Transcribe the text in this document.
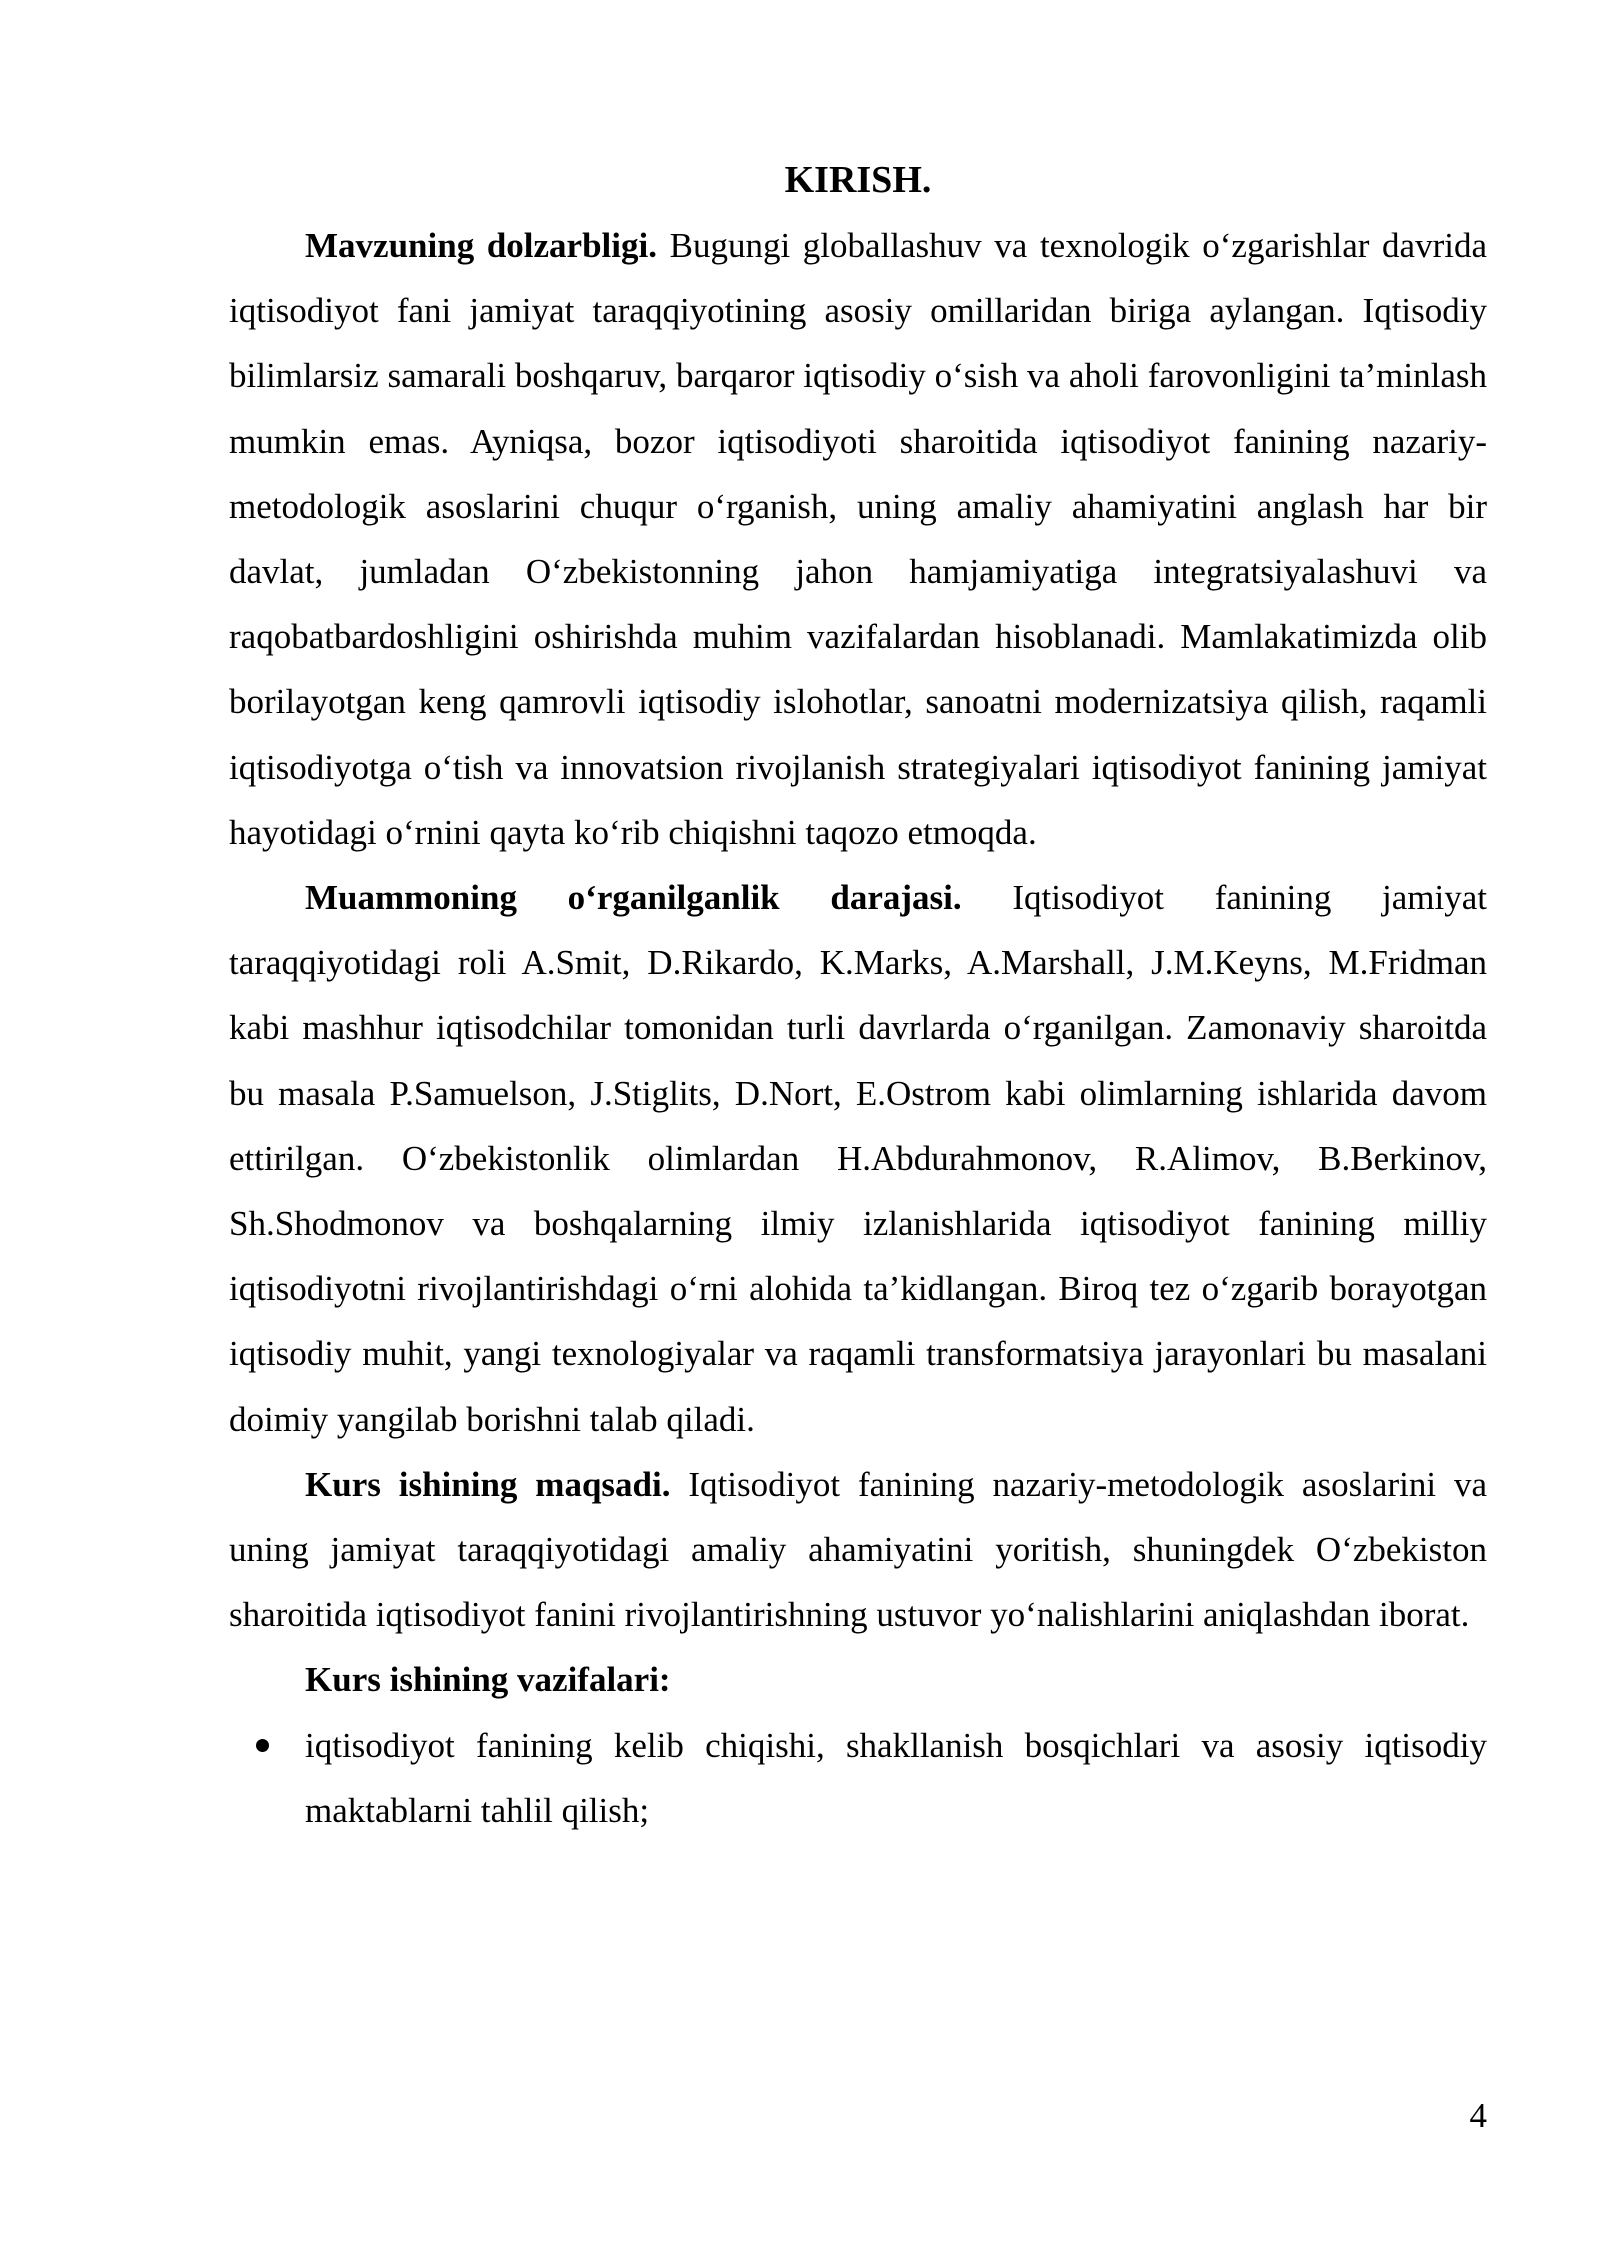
KIRISH.

Mavzuning dolzarbligi. Bugungi globallashuv va texnologik o‘zgarishlar davrida iqtisodiyot fani jamiyat taraqqiyotining asosiy omillaridan biriga aylangan. Iqtisodiy bilimlarsiz samarali boshqaruv, barqaror iqtisodiy o‘sish va aholi farovonligini ta’minlash mumkin emas. Ayniqsa, bozor iqtisodiyoti sharoitida iqtisodiyot fanining nazariy-metodologik asoslarini chuqur o‘rganish, uning amaliy ahamiyatini anglash har bir davlat, jumladan O‘zbekistonning jahon hamjamiyatiga integratsiyalashuvi va raqobatbardoshligini oshirishda muhim vazifalardan hisoblanadi. Mamlakatimizda olib borilayotgan keng qamrovli iqtisodiy islohotlar, sanoatni modernizatsiya qilish, raqamli iqtisodiyotga o‘tish va innovatsion rivojlanish strategiyalari iqtisodiyot fanining jamiyat hayotidagi o‘rnini qayta ko‘rib chiqishni taqozo etmoqda.

Muammoning o‘rganilganlik darajasi. Iqtisodiyot fanining jamiyat taraqqiyotidagi roli A.Smit, D.Rikardo, K.Marks, A.Marshall, J.M.Keyns, M.Fridman kabi mashhur iqtisodchilar tomonidan turli davrlarda o‘rganilgan. Zamonaviy sharoitda bu masala P.Samuelson, J.Stiglits, D.Nort, E.Ostrom kabi olimlarning ishlarida davom ettirilgan. O‘zbekistonlik olimlardan H.Abdurahmonov, R.Alimov, B.Berkinov, Sh.Shodmonov va boshqalarning ilmiy izlanishlarida iqtisodiyot fanining milliy iqtisodiyotni rivojlantirishdagi o‘rni alohida ta’kidlangan. Biroq tez o‘zgarib borayotgan iqtisodiy muhit, yangi texnologiyalar va raqamli transformatsiya jarayonlari bu masalani doimiy yangilab borishni talab qiladi.

Kurs ishining maqsadi. Iqtisodiyot fanining nazariy-metodologik asoslarini va uning jamiyat taraqqiyotidagi amaliy ahamiyatini yoritish, shuningdek O‘zbekiston sharoitida iqtisodiyot fanini rivojlantirishning ustuvor yo‘nalishlarini aniqlashdan iborat.

Kurs ishining vazifalari:

iqtisodiyot fanining kelib chiqishi, shakllanish bosqichlari va asosiy iqtisodiy maktablarni tahlil qilish;
4
